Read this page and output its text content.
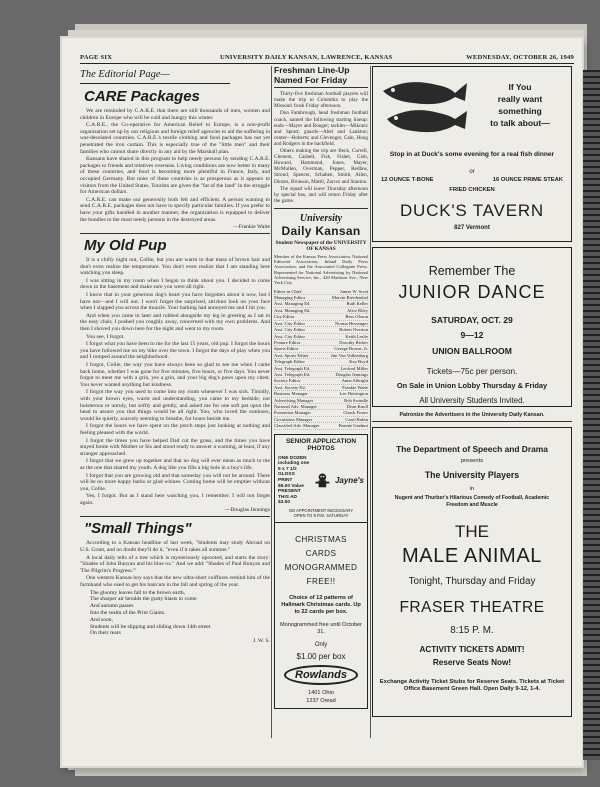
PAGE SIX	UNIVERSITY DAILY KANSAN, LAWRENCE, KANSAS	WEDNESDAY, OCTOBER 26, 1949
The Editorial Page—
CARE Packages

We are reminded by C.A.R.E. that there are still thousands of men, women and children in Europe who will be cold and hungry this winter.

C.A.R.E., the Co-operative for American Relief to Europe, is a non-profit organization set up by our religious and foreign relief agencies to aid the suffering in war-desolated countries. C.A.R.E.'s textile clothing and food packages has not yet penetrated the iron curtain. This is especially true of the "little men" and their families who cannot share directly in any aid by the Marshall plan.

Kansans have shared in this program to help needy persons by sending C.A.R.E. packages to friends and relatives overseas. Living conditions are now better in many of these countries, and food is becoming more plentiful in France, Italy, and occupied Germany. But none of these countries is as prosperous as it appears to visitors from the United States. Tourists are given the "fat of the land" in the struggle for American dollars.

C.A.R.E. can make our generosity both felt and efficient. A person wanting to send C.A.R.E. packages does not have to specify particular families. If you prefer to have your gifts handled in another manner, the organization is equipped to deliver the bundles to the most needy persons in the destroyed areas.

—Frankie Waite
My Old Pup

It is a chilly night out, Collie, but you are warm in that mass of brown hair and don't even realize the temperature. You don't even realize that I am standing here watching you sleep.

I was sitting in my room when I began to think about you. I decided to come down in the basement and make sure you were all right.

I know that in your generous dog's heart you have forgotten about it now, but I have not—and I will not. I won't forget the surprised, stricken look on your face when I slapped you across the muzzle. Your barking had annoyed me and I hit you.

And when you came in later and rubbed alongside my leg in greeting as I sat in the easy chair, I pushed you roughly away, concerned with my own problems. And then I shoved you down here for the night and went to my room.

You see, I forgot.

I forgot what you have been to me for the last 15 years, old pup. I forgot the hours you have followed me on my bike over the town. I forgot the days of play when you and I romped around the neighborhood.

I forgot, Collie, the way you have always been so glad to see me when I came back home, whether I was gone for five minutes, five hours, or five days. You never forgot to meet me with a grin, yes a grin, and your big dog's paws upon my chest. You never wanted anything but kindness.

I forgot the way you used to come into my room whenever I was sick. Timidly, with your brown eyes, warm and understanding, you came to my bedside, not boisterous or unruly, but softly and gently, and asked me for one soft pat upon the head to assure you that things would be all right. You, who loved the outdoors, would lie quietly, scarcely seeming to breathe, for hours beside me.

I forgot the hours we have spent on the porch steps just looking at nothing and feeling pleased with the world.

I forgot the times you have helped Dad cut the grass, and the times you have stayed home with Mother or Sis and stood ready to answer a warning, at least, if any stranger approached.

I forgot that we grew up together and that no dog will ever mean as much to me as the one that shared my youth. A dog like you fills a big hole in a boy's life.

I forgot that you are growing old and that someday you will not be around. There will be no more happy barks or glad whines. Coming home will be emptier without you, Collie.

Yes, I forgot. But as I stand here watching you, I remember. I will not forget again.

—Douglas Jennings
"Small Things"

According to a Kansan headline of last week, "Students may study Abroad on U.S. Grant, and no doubt they'll do it, "even if it takes all summer."

A local daily tells of a tree which is mysteriously uprooted, and starts the story: "Shades of John Bunyan and his blue ox." And we add: "Shades of Paul Bunyan and 'The Pilgrim's Progress.'"

One western Kansas boy says that the new ultra-short coiffures remind him of the farmhand who used to get his haircuts in the fall and spring of the year.

The gloomy leaves fall to the brown earth,
The sharper air heralds the gusty blasts to come
And autumn passes
Into the realm of the Print Giants.
And soon,
Students will be slipping and sliding down 14th street
On their rears
J. W. S.
Freshman Line-Up Named For Friday

Thirty-five freshman football players will make the trip to Columbia to play the Missouri frosh Friday afternoon.

Don Fambrough, head freshman football coach, named the following starting lineup: ends—Mayer and Bonger; tackles—Mikonic and Spratt; guards—Abel and Lankton; center—Roberts; and Clevenger, Cain, Houg and Rodgers in the backfield.

Others making the trip are Beck, Correll, Clement, Cashell, Fisk, Fisher, Gish, Howard, Hammond, Jones, Mayer, McMullen, Overman, Pepper, Redlaw, Stroud, Spencer, Schaben, Smith, Allen, Dinzes, Bronson, Mattil, Zarcor and Stanton.

The squad will leave Thursday afternoon by special bus, and will return Friday after the game.

University
Daily Kansan
Student Newspaper of the UNIVERSITY OF KANSAS
Member of the Kansas Press Association, National Editorial Association, Inland Daily Press Association, and the Associated Collegiate Press. Represented for National Advertising by National Advertising Service, Inc., 420 Madison Ave., New York City.
Editor in Chief	James W. Scott
Managing Editor	Marvin Breidenthal
Asst. Managing Ed.	Ruth Keller
Asst. Managing Ed.	Alice Riley
City Editor	Bess Olsson
Asst. City Editor	Norma Hessenger
Asst. City Editor	Robert Overton
Asst. City Editor	Keith Leslie
Feature Editor	Dorothy Ricker
Sports Editor	George Brown, Jr.
Asst. Sports Editor	Jim Van Volkenburg
Telegraph Editor	Kay Boyd
Asst. Telegraph Ed.	Leoford Miller
Asst. Telegraph Ed.	Douglas Jennings
Society Editor	Anna Albright
Asst. Society Ed.	Frankie Waite
Business Manager	Lee Hoisington
Advertising Manager	Bob Swindle
National Adv. Manager	Dean Knoll
Promotion Manager	Chuck Foster
Circulation Manager	Carol Rubin
Classified Adv. Manager	Bonnie Gnehmi
SENIOR APPLICATION PHOTOS
ONE DOZEN
including one 5 x 7 1/2
GLOSS PRINT
$5.00 Value
PRESENT THIS AD
$3.50
Jayne's
NO APPOINTMENT NECESSARY
OPEN TO 9 P.M. SATURDAY
CHRISTMAS
CARDS
MONOGRAMMED
FREE!!
Choice of 12 patterns of Hallmark Christmas cards. Up to 22 cards per box.
Monogrammed free until October 31.
Only
$1.00 per box
Rowlands
1401 Ohio
1237 Oread
If You
really want
something
to talk about—
Stop in at Duck's some evening for a real fish dinner
or
12 OUNCE T-BONE	16 OUNCE PRIME STEAK
FRIED CHICKEN
DUCK'S TAVERN
827 Vermont
Remember The
JUNIOR DANCE
SATURDAY, OCT. 29
9—12
UNION BALLROOM
Tickets—75c per person.
On Sale in Union Lobby Thursday & Friday
All University Students Invited.
Patronize the Advertisers in the University Daily Kansan.
The Department of Speech and Drama
presents
The University Players
in
Nugent and Thurber's Hilarious Comedy of Football, Academic Freedom and Muscle
THE
MALE ANIMAL
Tonight, Thursday and Friday
FRASER THEATRE
8:15 P. M.
ACTIVITY TICKETS ADMIT!
Reserve Seats Now!
Exchange Activity Ticket Stubs for Reserve Seats. Tickets at Ticket Office Basement Green Hall. Open Daily 9-12, 1-4.
